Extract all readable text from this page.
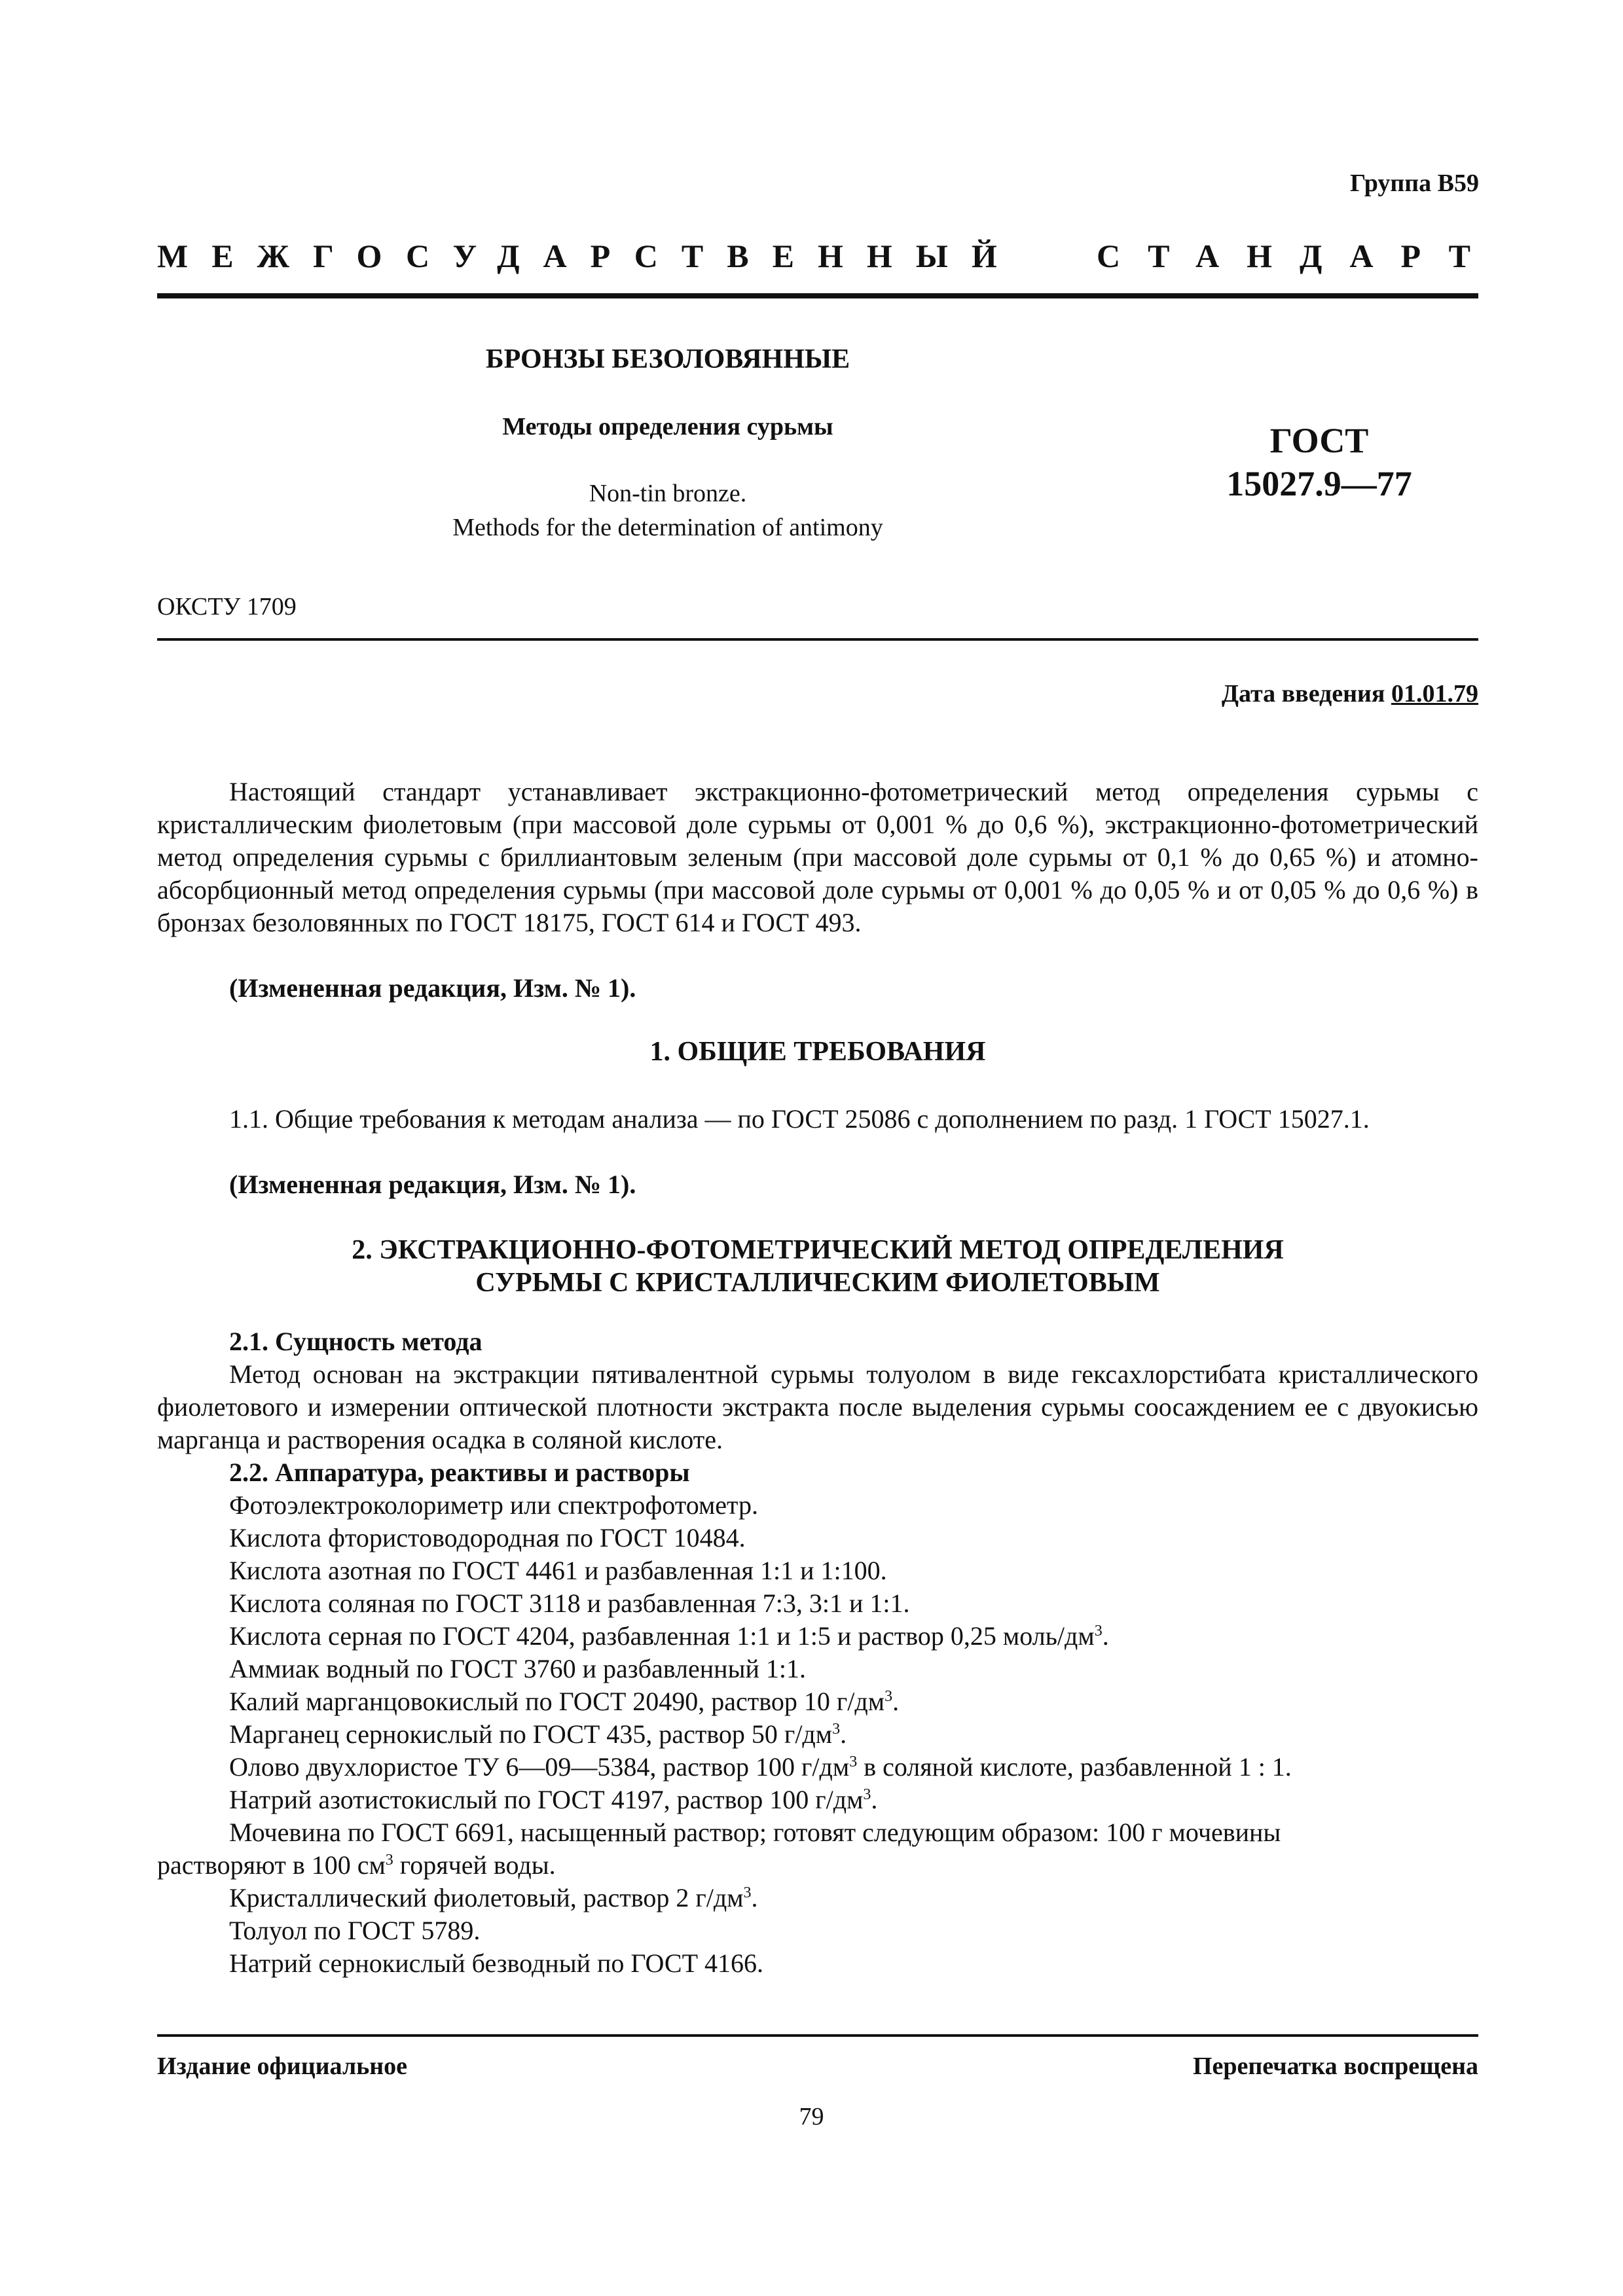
Группа В59
МЕЖГОСУДАРСТВЕННЫЙ СТАНДАРТ
БРОНЗЫ БЕЗОЛОВЯННЫЕ
Методы определения сурьмы
Non-tin bronze.
Methods for the determination of antimony
ГОСТ
15027.9—77
ОКСТУ 1709
Дата введения 01.01.79
Настоящий стандарт устанавливает экстракционно-фотометрический метод определения сурьмы с кристаллическим фиолетовым (при массовой доле сурьмы от 0,001 % до 0,6 %), экстракционно-фотометрический метод определения сурьмы с бриллиантовым зеленым (при массовой доле сурьмы от 0,1 % до 0,65 %) и атомно-абсорбционный метод определения сурьмы (при массовой доле сурьмы от 0,001 % до 0,05 % и от 0,05 % до 0,6 %) в бронзах безоловянных по ГОСТ 18175, ГОСТ 614 и ГОСТ 493.
(Измененная редакция, Изм. № 1).
1. ОБЩИЕ ТРЕБОВАНИЯ
1.1. Общие требования к методам анализа — по ГОСТ 25086 с дополнением по разд. 1 ГОСТ 15027.1.
(Измененная редакция, Изм. № 1).
2. ЭКСТРАКЦИОННО-ФОТОМЕТРИЧЕСКИЙ МЕТОД ОПРЕДЕЛЕНИЯ
СУРЬМЫ С КРИСТАЛЛИЧЕСКИМ ФИОЛЕТОВЫМ
2.1. Сущность метода
Метод основан на экстракции пятивалентной сурьмы толуолом в виде гексахлорстибата кристаллического фиолетового и измерении оптической плотности экстракта после выделения сурьмы соосаждением ее с двуокисью марганца и растворения осадка в соляной кислоте.
2.2. Аппаратура, реактивы и растворы
Фотоэлектроколориметр или спектрофотометр.
Кислота фтористоводородная по ГОСТ 10484.
Кислота азотная по ГОСТ 4461 и разбавленная 1:1 и 1:100.
Кислота соляная по ГОСТ 3118 и разбавленная 7:3, 3:1 и 1:1.
Кислота серная по ГОСТ 4204, разбавленная 1:1 и 1:5 и раствор 0,25 моль/$дм^3$.
Аммиак водный по ГОСТ 3760 и разбавленный 1:1.
Калий марганцовокислый по ГОСТ 20490, раствор 10 $г/дм^3$.
Марганец сернокислый по ГОСТ 435, раствор 50 $г/дм^3$.
Олово двухлористое ТУ 6—09—5384, раствор 100 $г/дм^3$ в соляной кислоте, разбавленной 1 : 1.
Натрий азотистокислый по ГОСТ 4197, раствор 100 $г/дм^3$.
Мочевина по ГОСТ 6691, насыщенный раствор; готовят следующим образом: 100 г мочевины
растворяют в 100 $см^3$ горячей воды.
Кристаллический фиолетовый, раствор 2 $г/дм^3$.
Толуол по ГОСТ 5789.
Натрий сернокислый безводный по ГОСТ 4166.
Издание официальное	Перепечатка воспрещена
79
